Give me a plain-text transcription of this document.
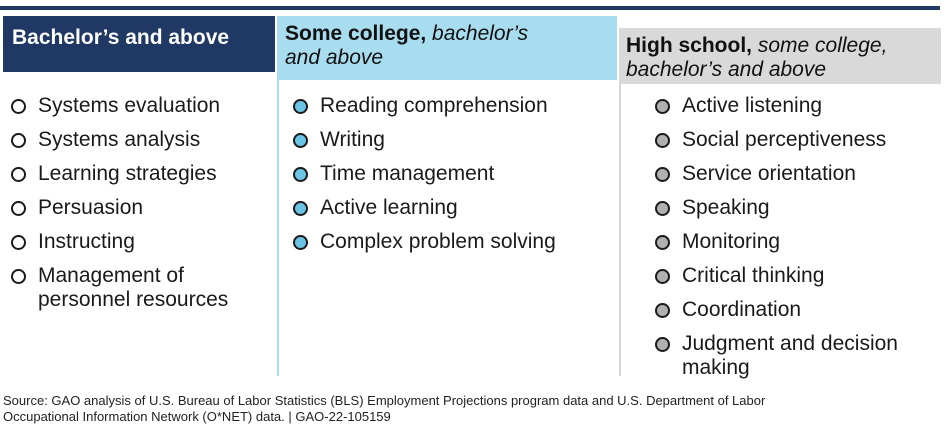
Bachelor’s and above
Systems evaluation
Systems analysis
Learning strategies
Persuasion
Instructing
Management of
personnel resources
Some college, bachelor’s
and above
Reading comprehension
Writing
Time management
Active learning
Complex problem solving
High school, some college,
bachelor’s and above
Active listening
Social perceptiveness
Service orientation
Speaking
Monitoring
Critical thinking
Coordination
Judgment and decision
making
Source: GAO analysis of U.S. Bureau of Labor Statistics (BLS) Employment Projections program data and U.S. Department of Labor
Occupational Information Network (O*NET) data. | GAO-22-105159
